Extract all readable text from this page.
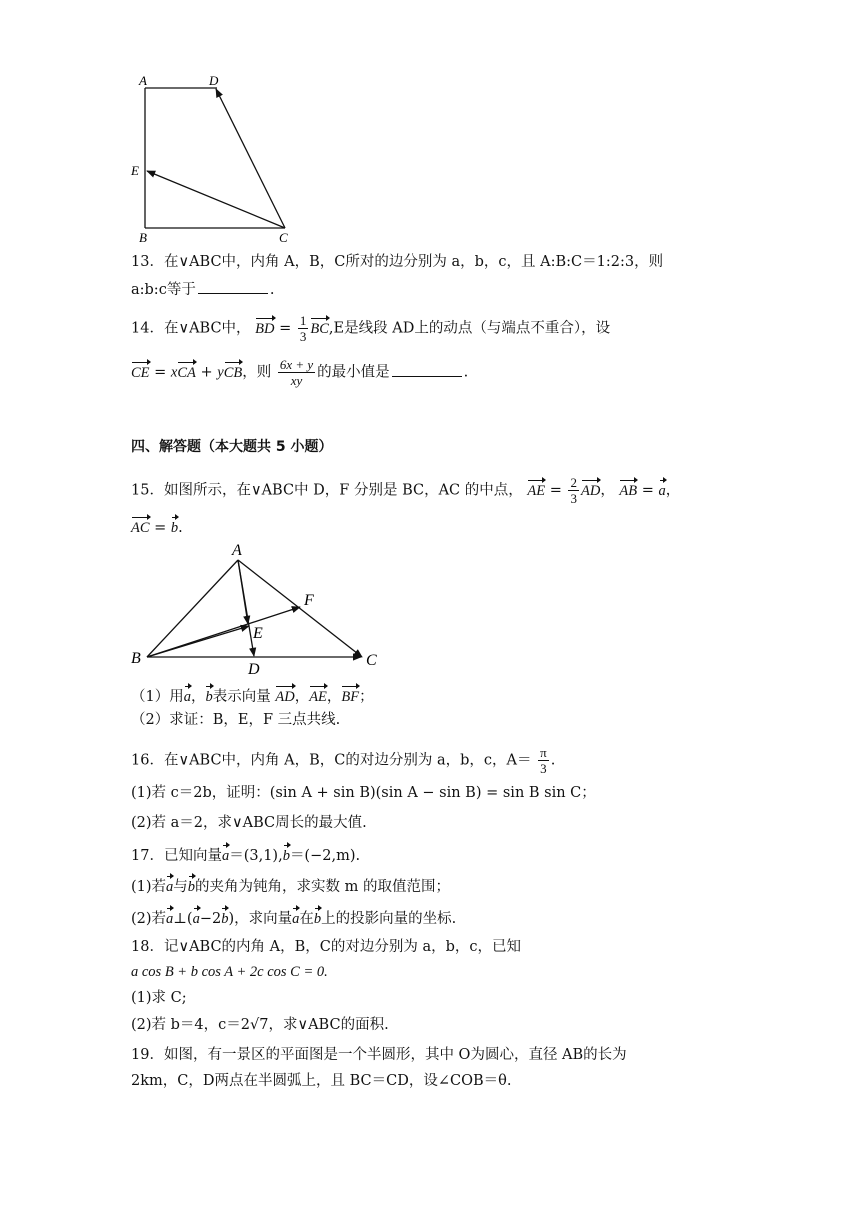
A	D
E
B	C
13．在∨ABC中，内角 A，B，C所对的边分别为 a，b，c，且 A:B:C＝1:2:3，则
a:b:c等于	.
14．在∨ABC中， BD = $\frac{1}{3} BC,E$是线段 AD上的动点（与端点不重合），设
CE = xCA + yCB，则 $\frac{6x + y}{xy}$ 的最小值是	.
四、解答题（本大题共 5 小题）
15．如图所示，在∨ABC中 D，F 分别是 BC，AC 的中点， AE = $\frac{2}{3}$ AD， AB = a，
AC = b.
A
B	C
D
E
F
（1）用a，b表示向量 AD，AE，BF；
（2）求证：B，E，F 三点共线.
16．在∨ABC中，内角 A，B，C的对边分别为 a，b，c，$A= \frac{\pi}{3}$ .
(1)若 c＝2b，证明：(sin A + sin B)(sin A − sin B) = sin B sin C；
(2)若 a＝2，求∨ABC周长的最大值.
17．已知向量a＝(3,1),b＝(−2,m).
(1)若a与b的夹角为钝角，求实数 m 的取值范围；
(2)若a⊥(a−2b)，求向量a在b上的投影向量的坐标.
18．记∨ABC的内角 A，B，C的对边分别为 a，b，c，已知
a cos B + b cos A + 2c cos C = 0.
(1)求 C;
(2)若 b＝4，c＝2√7，求∨ABC的面积.
19．如图，有一景区的平面图是一个半圆形，其中 O为圆心，直径 AB的长为
2km，C，D两点在半圆弧上，且 BC＝CD，设∠COB＝θ.
